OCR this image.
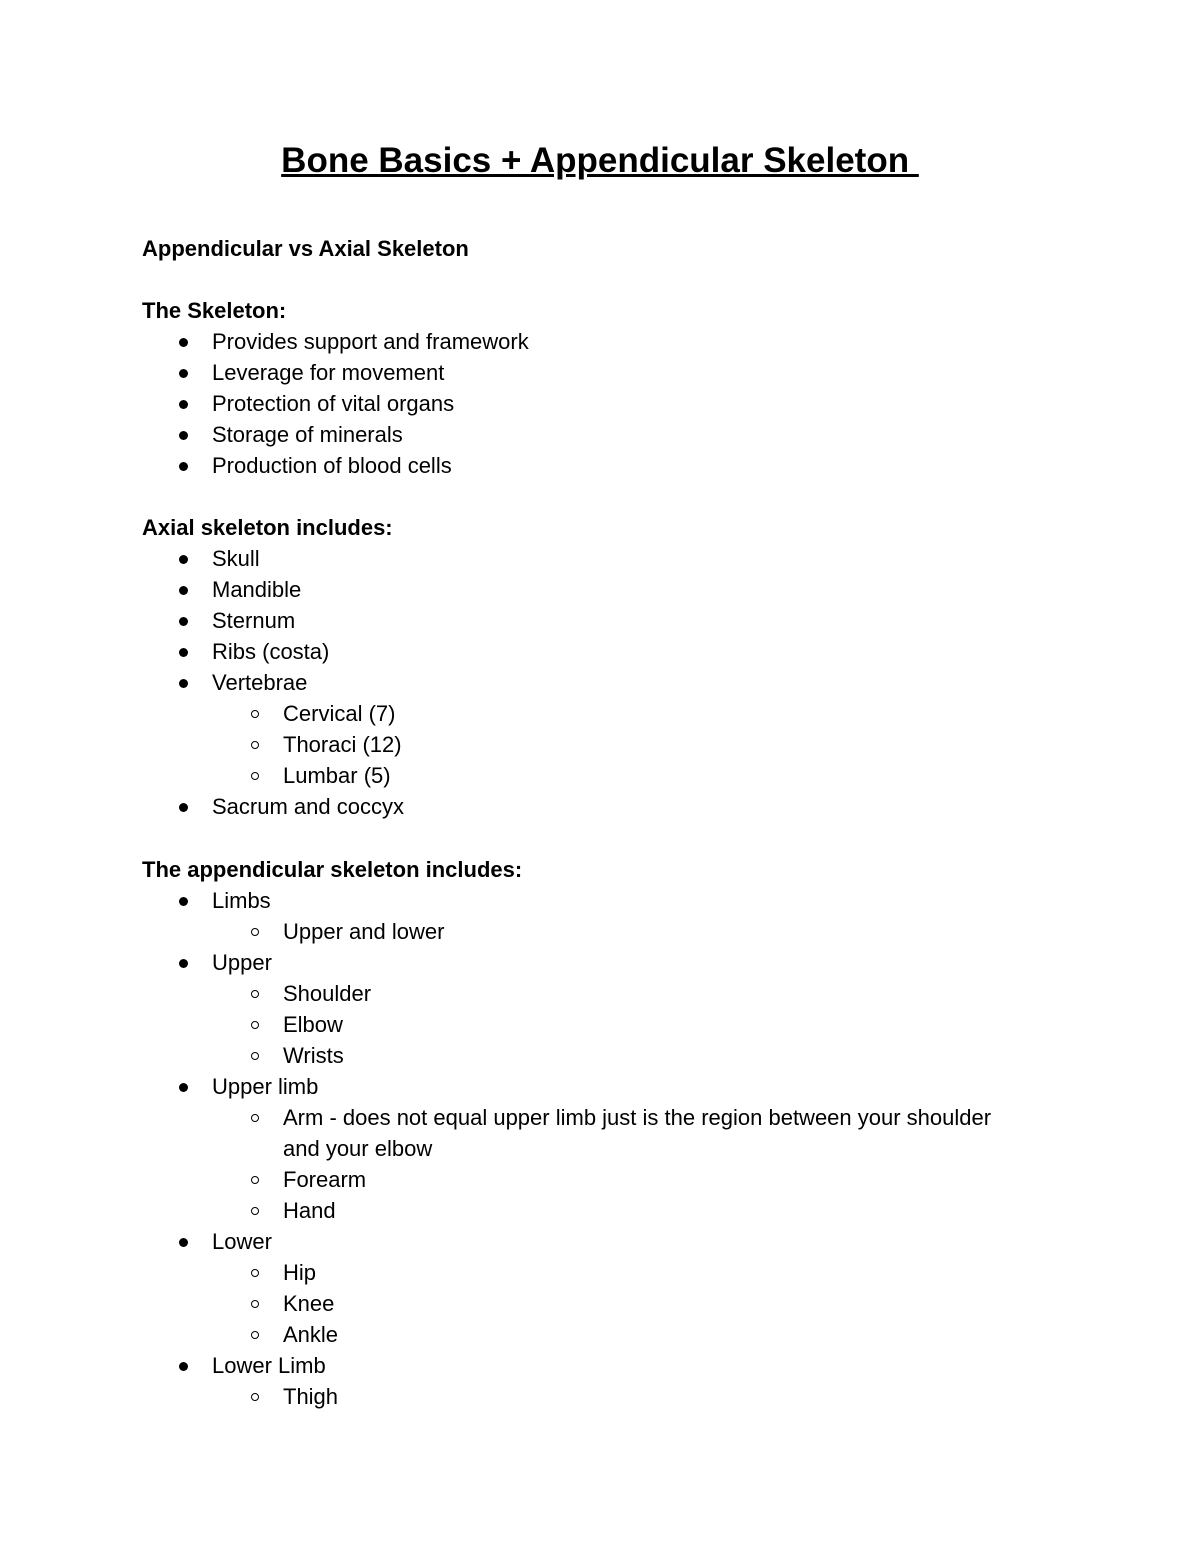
Bone Basics + Appendicular Skeleton
Appendicular vs Axial Skeleton
The Skeleton:
Provides support and framework
Leverage for movement
Protection of vital organs
Storage of minerals
Production of blood cells
Axial skeleton includes:
Skull
Mandible
Sternum
Ribs (costa)
Vertebrae
Cervical (7)
Thoraci (12)
Lumbar (5)
Sacrum and coccyx
The appendicular skeleton includes:
Limbs
Upper and lower
Upper
Shoulder
Elbow
Wrists
Upper limb
Arm - does not equal upper limb just is the region between your shoulder
and your elbow
Forearm
Hand
Lower
Hip
Knee
Ankle
Lower Limb
Thigh
